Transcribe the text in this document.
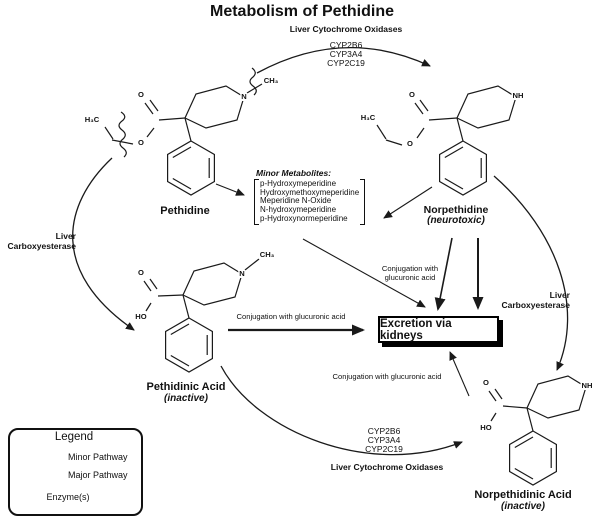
Metabolism of Pethidine
Liver Cytochrome Oxidases
CYP2B6
CYP3A4
CYP2C19
Liver
Carboxyesterase
Liver
Carboxyesterase
H₃C
O
O
N
CH₃
Pethidine
H₃C
O
O
NH
Norpethidine
(neurotoxic)
O
HO
N
CH₃
Pethidinic Acid
(inactive)
O
HO
NH
Norpethidinic Acid
(inactive)
Minor Metabolites:
p-Hydroxymeperidine
Hydroxymethoxymeperidine
Meperidine N-Oxide
N-hydroxymeperidine
p-Hydroxynormeperidine
Conjugation with
glucuronic acid
Conjugation with glucuronic acid
Conjugation with glucuronic acid
Excretion via kidneys
CYP2B6
CYP3A4
CYP2C19
Liver Cytochrome Oxidases
Legend
Minor Pathway
Major Pathway
Enzyme(s)
